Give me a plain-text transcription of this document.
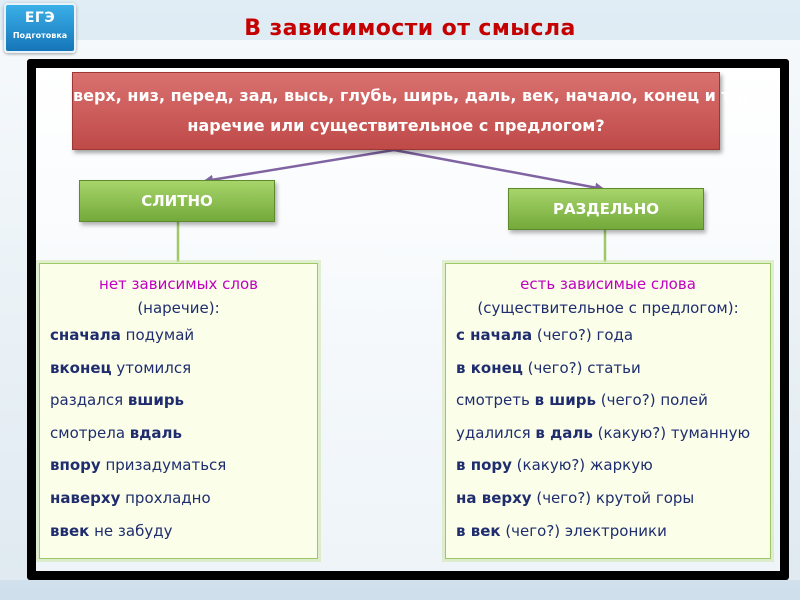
ЕГЭ
Подготовка	В зависимости от смысла
верх, низ, перед, зад, высь, глубь, ширь, даль, век, начало, конец и т.д. –
наречие или существительное с предлогом?
СЛИТНО	РАЗДЕЛЬНО
нет зависимых слов
(наречие):
сначала подумай
вконец утомился
раздался вширь
смотрела вдаль
впору призадуматься
наверху прохладно
ввек не забуду
есть зависимые слова
(существительное с предлогом):
с начала (чего?) года
в конец (чего?) статьи
смотреть в ширь (чего?) полей
удалился в даль (какую?) туманную
в пору (какую?) жаркую
на верху (чего?) крутой горы
в век (чего?) электроники
